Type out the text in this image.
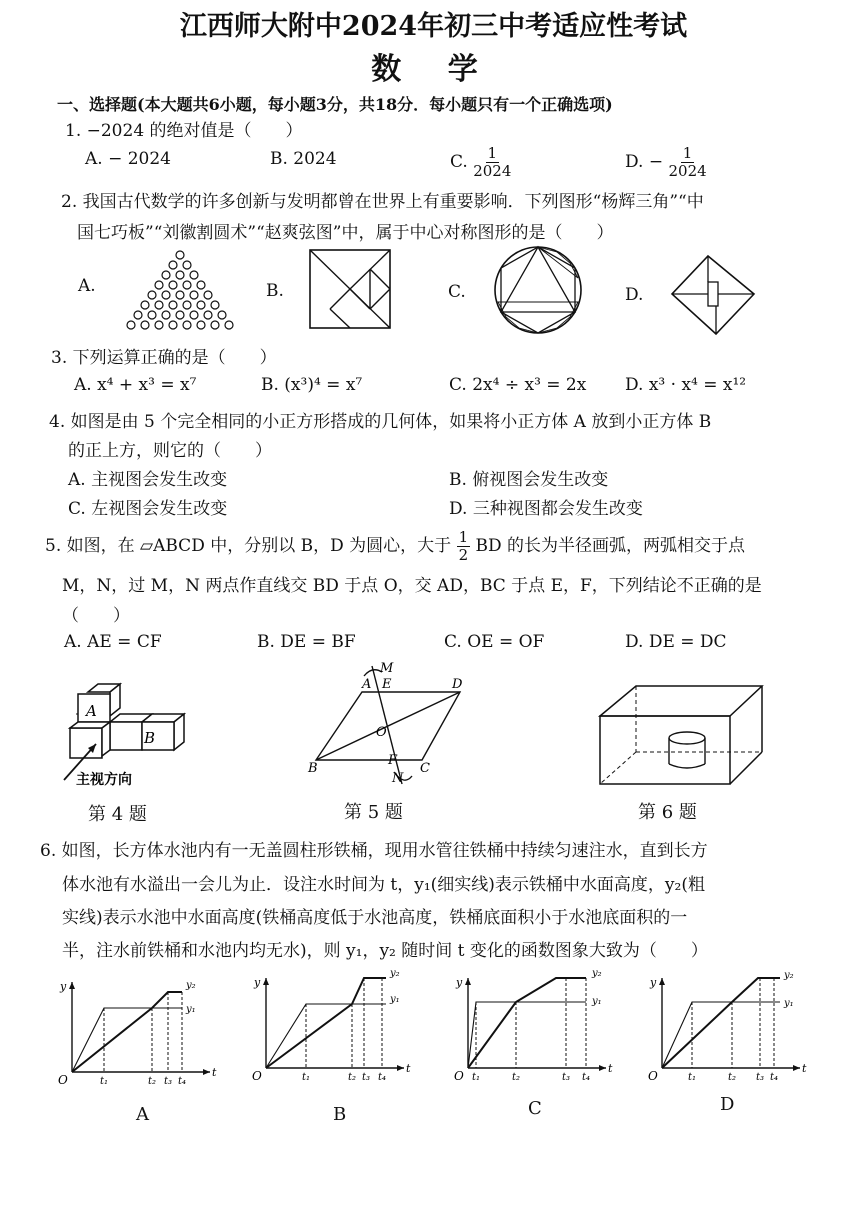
江西师大附中2024年初三中考适应性考试
数 学
一、选择题(本大题共6小题，每小题3分，共18分．每小题只有一个正确选项)
1. −2024 的绝对值是（　　）
A. − 2024	B. 2024	C. $\frac{1}{2024}$	D. − $\frac{1}{2024}$
2. 我国古代数学的许多创新与发明都曾在世界上有重要影响．下列图形“杨辉三角”“中
国七巧板”“刘徽割圆术”“赵爽弦图”中，属于中心对称图形的是（　　）
A.	B.	C.	D.
3. 下列运算正确的是（　　）
A. x⁴ + x³ = x⁷	B. (x³)⁴ = x⁷	C. 2x⁴ ÷ x³ = 2x D. x³ · x⁴ = x¹²
4. 如图是由 5 个完全相同的小正方形搭成的几何体，如果将小正方体 A 放到小正方体 B
的正上方，则它的（　　）
A. 主视图会发生改变	B. 俯视图会发生改变
C. 左视图会发生改变	D. 三种视图都会发生改变
5. 如图，在 ▱ABCD 中，分别以 B，D 为圆心，大于 $\frac{1}{2}$ BD 的长为半径画弧，两弧相交于点
M，N，过 M，N 两点作直线交 BD 于点 O，交 AD，BC 于点 E，F，下列结论不正确的是
（　　）
A. AE = CF	B. DE = BF	C. OE = OF	D. DE = DC
A
B
主视方向
第 4 题
A	D
B	C
E
F
O
M
N
第 5 题	第 6 题
6. 如图，长方体水池内有一无盖圆柱形铁桶，现用水管往铁桶中持续匀速注水，直到长方
体水池有水溢出一会儿为止．设注水时间为 t，y₁(细实线)表示铁桶中水面高度，y₂(粗
实线)表示水池中水面高度(铁桶高度低于水池高度，铁桶底面积小于水池底面积的一
半，注水前铁桶和水池内均无水)，则 y₁，y₂ 随时间 t 变化的函数图象大致为（　　）
y
t
O	t₁	t₂ t₃ t₄
y₁
y₂	y
t
O	t₁	t₂ t₃ t₄
y₁
y₂
y
t
O t₁	t₂	t₃ t₄
y₁
y₂
y
t
O	t₁	t₂ t₃ t₄
y₁
y₂
A	B	C	D
